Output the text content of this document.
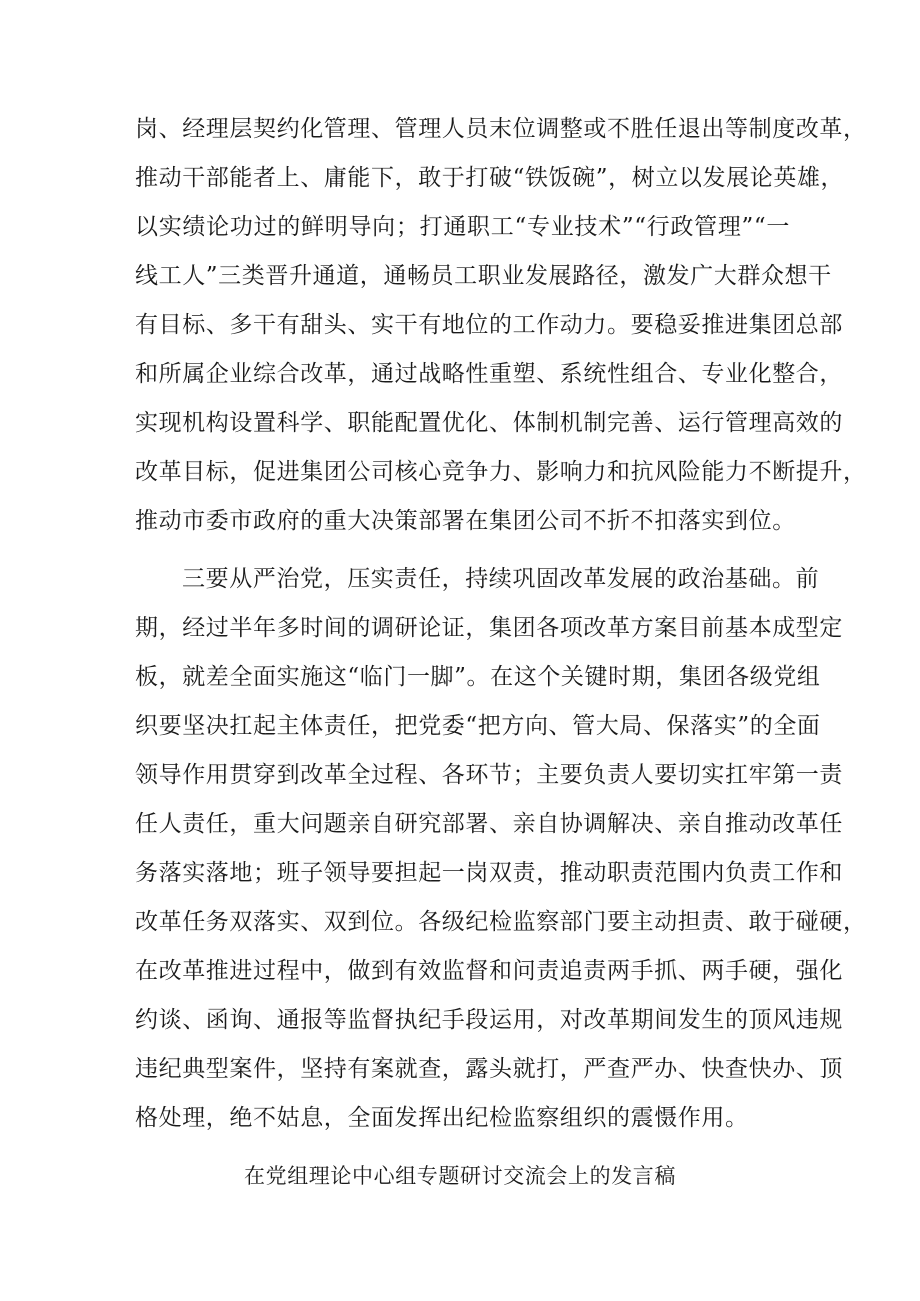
岗、经理层契约化管理、管理人员末位调整或不胜任退出等制度改革，
推动干部能者上、庸能下，敢于打破“铁饭碗”，树立以发展论英雄，
以实绩论功过的鲜明导向；打通职工“专业技术”“行政管理”“一
线工人”三类晋升通道，通畅员工职业发展路径，激发广大群众想干
有目标、多干有甜头、实干有地位的工作动力。要稳妥推进集团总部
和所属企业综合改革，通过战略性重塑、系统性组合、专业化整合，
实现机构设置科学、职能配置优化、体制机制完善、运行管理高效的
改革目标，促进集团公司核心竞争力、影响力和抗风险能力不断提升，
推动市委市政府的重大决策部署在集团公司不折不扣落实到位。
三要从严治党，压实责任，持续巩固改革发展的政治基础。前
期，经过半年多时间的调研论证，集团各项改革方案目前基本成型定
板，就差全面实施这“临门一脚”。在这个关键时期，集团各级党组
织要坚决扛起主体责任，把党委“把方向、管大局、保落实”的全面
领导作用贯穿到改革全过程、各环节；主要负责人要切实扛牢第一责
任人责任，重大问题亲自研究部署、亲自协调解决、亲自推动改革任
务落实落地；班子领导要担起一岗双责，推动职责范围内负责工作和
改革任务双落实、双到位。各级纪检监察部门要主动担责、敢于碰硬，
在改革推进过程中，做到有效监督和问责追责两手抓、两手硬，强化
约谈、函询、通报等监督执纪手段运用，对改革期间发生的顶风违规
违纪典型案件，坚持有案就查，露头就打，严查严办、快查快办、顶
格处理，绝不姑息，全面发挥出纪检监察组织的震慑作用。
在党组理论中心组专题研讨交流会上的发言稿
